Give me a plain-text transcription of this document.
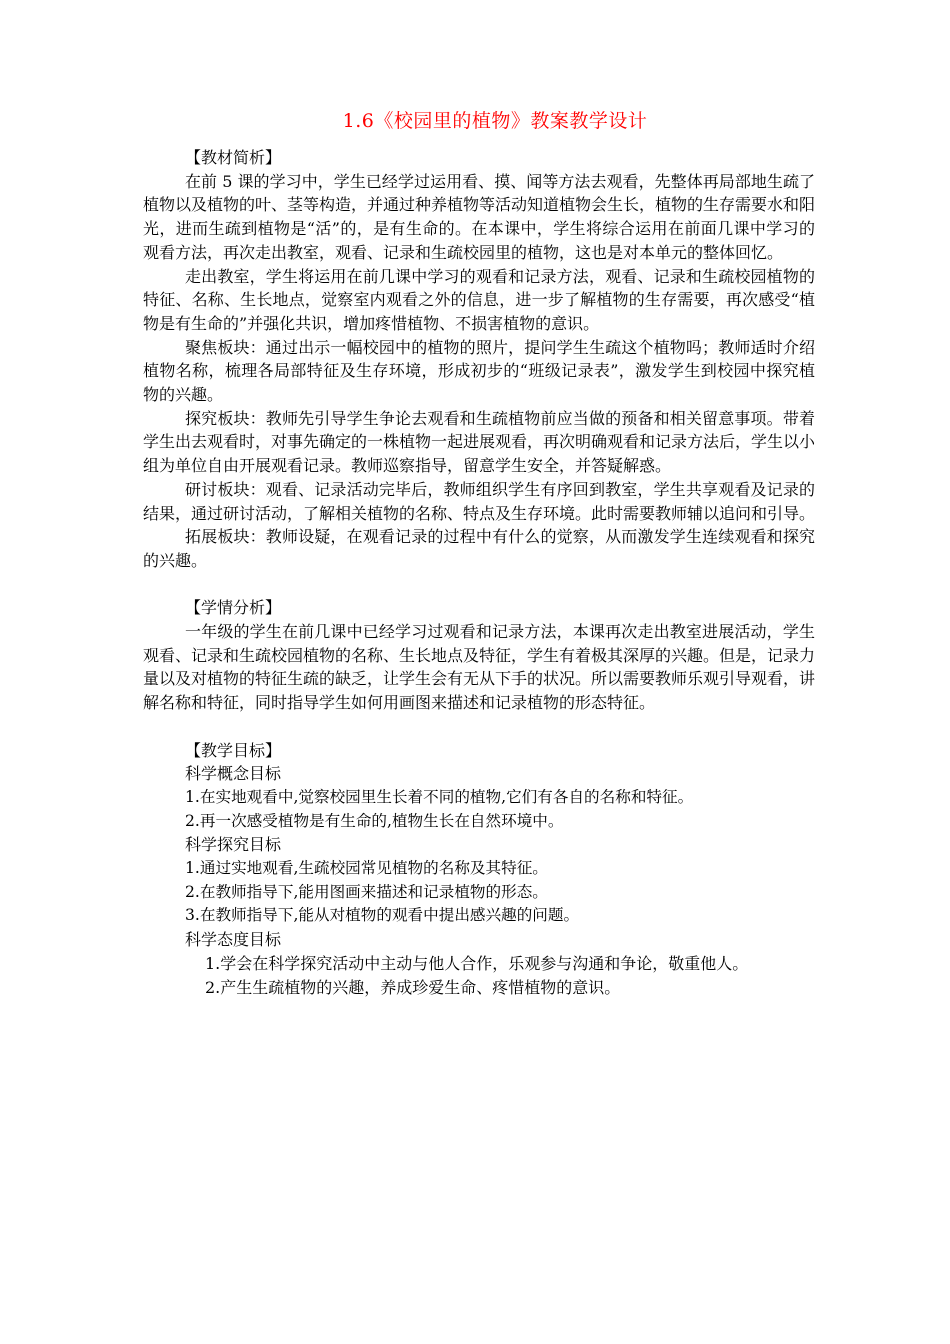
1.6《校园里的植物》教案教学设计

【教材简析】

在前 5 课的学习中，学生已经学过运用看、摸、闻等方法去观看，先整体再局部地生疏了植物以及植物的叶、茎等构造，并通过种养植物等活动知道植物会生长，植物的生存需要水和阳光，进而生疏到植物是“活”的，是有生命的。在本课中，学生将综合运用在前面几课中学习的观看方法，再次走出教室，观看、记录和生疏校园里的植物，这也是对本单元的整体回忆。

走出教室，学生将运用在前几课中学习的观看和记录方法，观看、记录和生疏校园植物的特征、名称、生长地点，觉察室内观看之外的信息，进一步了解植物的生存需要，再次感受“植物是有生命的”并强化共识，增加疼惜植物、不损害植物的意识。

聚焦板块：通过出示一幅校园中的植物的照片，提问学生生疏这个植物吗；教师适时介绍植物名称，梳理各局部特征及生存环境，形成初步的“班级记录表”，激发学生到校园中探究植物的兴趣。

探究板块：教师先引导学生争论去观看和生疏植物前应当做的预备和相关留意事项。带着学生出去观看时，对事先确定的一株植物一起进展观看，再次明确观看和记录方法后，学生以小组为单位自由开展观看记录。教师巡察指导，留意学生安全，并答疑解惑。

研讨板块：观看、记录活动完毕后，教师组织学生有序回到教室，学生共享观看及记录的结果，通过研讨活动，了解相关植物的名称、特点及生存环境。此时需要教师辅以追问和引导。

拓展板块：教师设疑，在观看记录的过程中有什么的觉察，从而激发学生连续观看和探究的兴趣。

【学情分析】

一年级的学生在前几课中已经学习过观看和记录方法，本课再次走出教室进展活动，学生观看、记录和生疏校园植物的名称、生长地点及特征，学生有着极其深厚的兴趣。但是，记录力量以及对植物的特征生疏的缺乏，让学生会有无从下手的状况。所以需要教师乐观引导观看，讲解名称和特征，同时指导学生如何用画图来描述和记录植物的形态特征。

【教学目标】

科学概念目标

1.在实地观看中,觉察校园里生长着不同的植物,它们有各自的名称和特征。

2.再一次感受植物是有生命的,植物生长在自然环境中。

科学探究目标

1.通过实地观看,生疏校园常见植物的名称及其特征。

2.在教师指导下,能用图画来描述和记录植物的形态。

3.在教师指导下,能从对植物的观看中提出感兴趣的问题。

科学态度目标

1.学会在科学探究活动中主动与他人合作，乐观参与沟通和争论，敬重他人。

2.产生生疏植物的兴趣，养成珍爱生命、疼惜植物的意识。
